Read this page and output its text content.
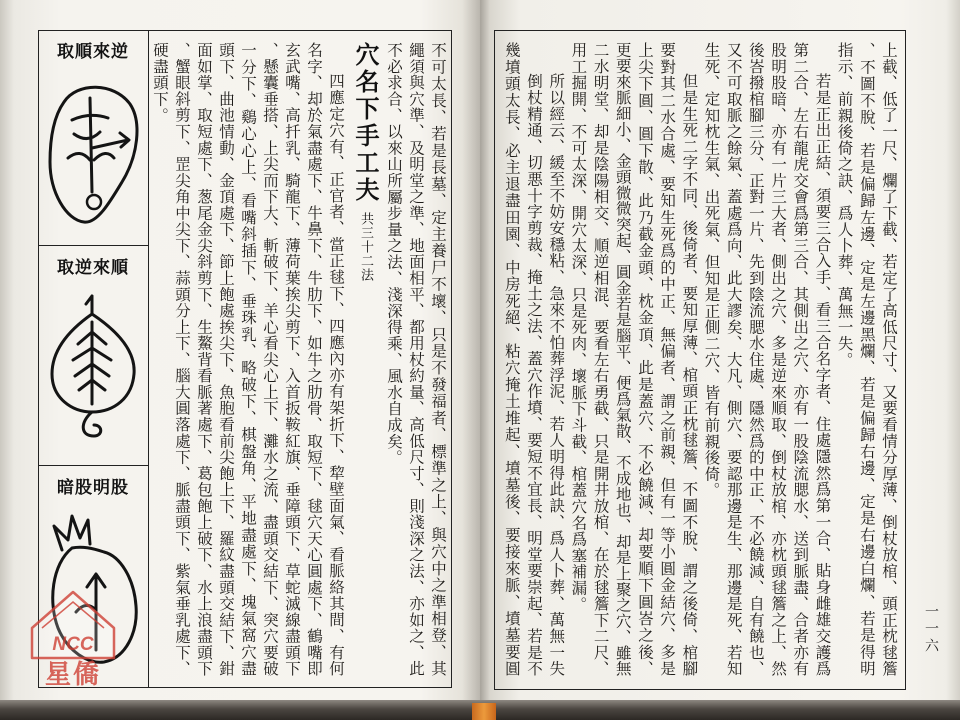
取順來逆
取逆來順
暗股明股	不可太長、若是長墓、定主養尸不壞、只是不發福者、標準之上、與穴中之準相登、其
繩須與穴準、及明堂之準、地面相平、都用杖約量、高低尺寸、則淺深之法、亦如之、此
不必求合、以來山所屬步量之法、淺深得乘、風水自成矣。
穴名下手工夫共三十二法
四應定穴有、正官者、當正毬下、四應內亦有架折下、犂壁面氣、看脈絡其間、有何
名字、却於氣盡處下、牛鼻下、牛肋下、如牛之肋骨、取短下、毬穴天心圓處下、鶴嘴即
玄武嘴、高扦乳、騎龍下、薄荷葉挨尖剪下、入首扳鞍紅旗、垂障頭下、草蛇滅線盡頭下
、懸囊垂搭、上尖而下大、斬破下、羊心看尖心上下、灘水之流、盡頭交結下、突穴要破
一分下、鷄心心上、看嘴斜插下、垂珠乳、略破下、棋盤角、平地盡處下、塊氣窩穴盡
頭下、曲池情動、金頂處下、節上飽處挨尖下、魚胞看前尖飽上下、羅紋盡頭交結下、鉗
面如掌、取短處下、葱尾金尖斜剪下、生鰲背看脈著處下、葛包飽上破下、水上浪盡頭下
、蟹眼斜剪下、罡尖角中尖下、蒜頭分上下、腦大圓落處下、脈盡頭下、紫氣垂乳處下、
硬盡頭下。	上截、低了一尺、爛了下截、若定了高低尺寸、又要看情分厚薄、倒杖放棺、頭正枕毬簷
、不圖不脫、若是偏歸左邊、定是左邊黑爛、若是偏歸右邊、定是右邊白爛、若是得明
指示、前親後倚之訣、爲人卜葬、萬無一失。
若是正出正結、須要三合入手、看三合名字者、住處隱然爲第一合、貼身雌雄交護爲
第二合、左右龍虎交會爲第三合、其側出之穴、亦有一股陰流腮水、送到脈盡、合者亦有
股明股暗、亦有一片三大者、側出之穴、多是逆來順取、倒杖放棺、亦枕頭毬簷之上、然
後峇撥棺腳三分、正對一片、先到陰流腮水住處、隱然爲的中正、不必饒減、自有饒也、
又不可取脈之餘氣、蓋處爲向、此大謬矣、大凡、側穴、要認那邊是生、那邊是死、若知
生死、定知枕生氣、出死氣、但知是正側二穴、皆有前親後倚。
但是生死二字不同、後倚者、要知厚薄、棺頭正枕毬簷、不圖不脫、謂之後倚、棺腳
要對其二水合處、要知生死爲的中正、無偏者、謂之前親、但有一等小圓金結穴、多是
上尖下圓、圓下散、此乃截金頭、枕金頂、此是蓋穴、不必饒減、却要順下圓峇之後、
更要來脈細小、金頭微微突起、圓金若是腦平、便爲氣散、不成地也、却是上聚之穴、雖無
二水明堂、却是陰陽相交、順逆相混、要看左右勇截、只是開井放棺、在於毬簷下二尺、
用工掘開、不可太深、開穴太深、只是死肉、壞脈下斗截、棺蓋穴名爲塞補漏。
所以經云、緩至不妨安穩粘、急來不怕葬浮泥、若人明得此訣、爲人卜葬、萬無一失
倒杖精通、切悪十字剪裁、掩土之法、蓋穴作墳、要短不宜長、明堂要崇起、若是不
幾墳頭太長、必主退盡田園、中房死絕、粘穴掩土堆起、墳墓後、要接來脈、墳墓要圓	一一六
NCC
星僑
